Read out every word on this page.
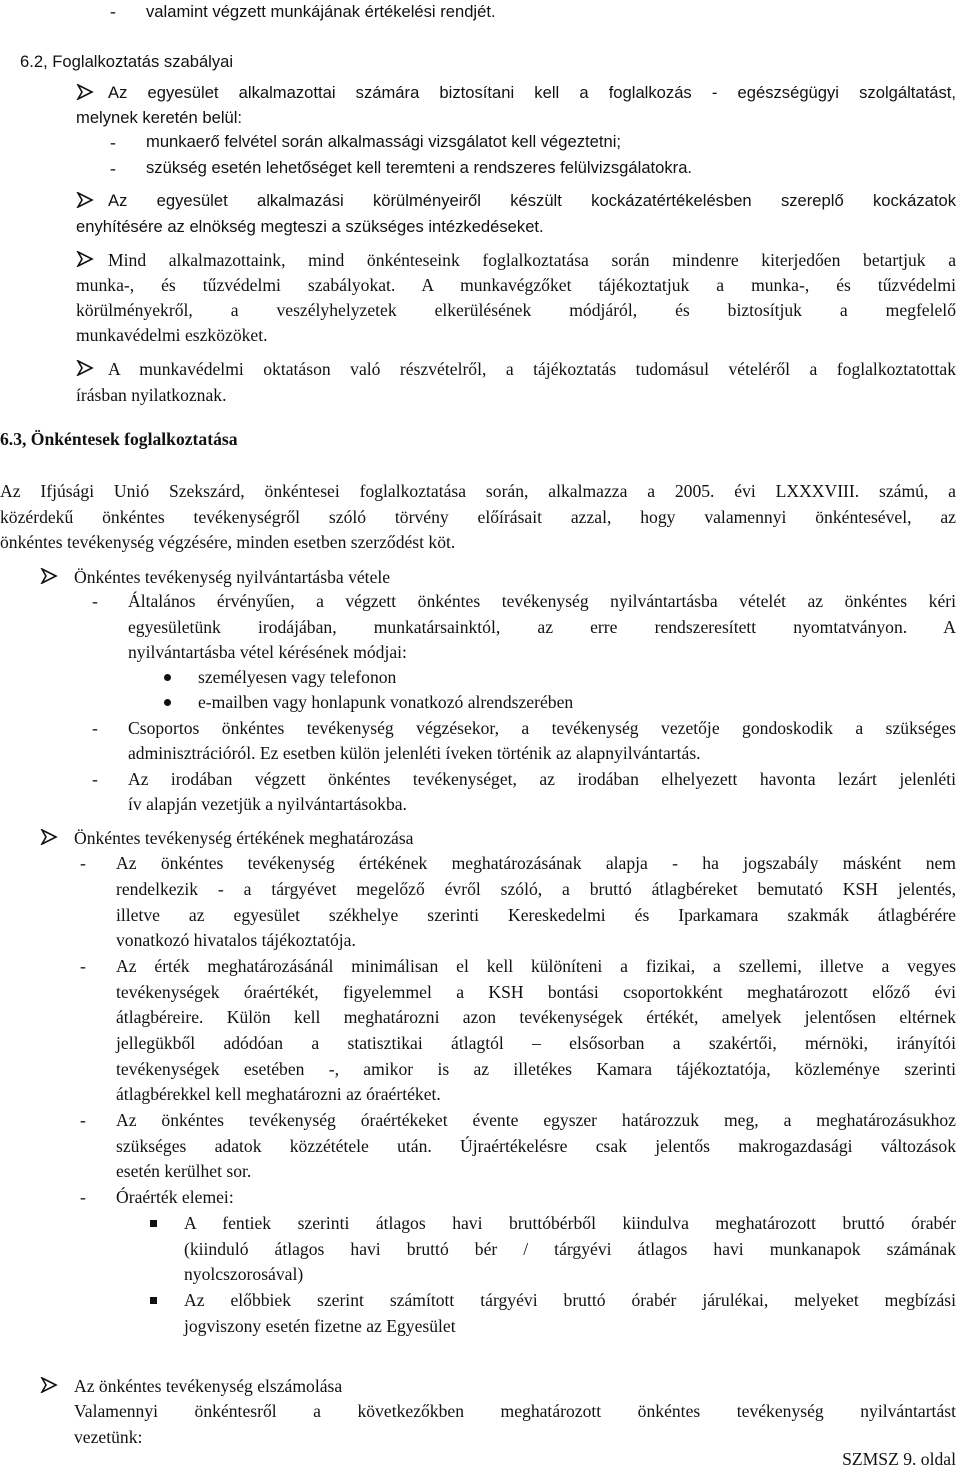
- valamint végzett munkájának értékelési rendjét.
6.2, Foglalkoztatás szabályai
Az egyesület alkalmazottai számára biztosítani kell a foglalkozás - egészségügyi szolgáltatást,
melynek keretén belül:
- munkaerő felvétel során alkalmassági vizsgálatot kell végeztetni;
- szükség esetén lehetőséget kell teremteni a rendszeres felülvizsgálatokra.
Az egyesület alkalmazási körülményeiről készült kockázatértékelésben szereplő kockázatok
enyhítésére az elnökség megteszi a szükséges intézkedéseket.
Mind alkalmazottaink, mind önkénteseink foglalkoztatása során mindenre kiterjedően betartjuk a
munka-, és tűzvédelmi szabályokat. A munkavégzőket tájékoztatjuk a munka-, és tűzvédelmi
körülményekről, a veszélyhelyzetek elkerülésének módjáról, és biztosítjuk a megfelelő
munkavédelmi eszközöket.
A munkavédelmi oktatáson való részvételről, a tájékoztatás tudomásul vételéről a foglalkoztatottak
írásban nyilatkoznak.
6.3, Önkéntesek foglalkoztatása
Az Ifjúsági Unió Szekszárd, önkéntesei foglalkoztatása során, alkalmazza a 2005. évi LXXXVIII. számú, a
közérdekű önkéntes tevékenységről szóló törvény előírásait azzal, hogy valamennyi önkéntesével, az
önkéntes tevékenység végzésére, minden esetben szerződést köt.
Önkéntes tevékenység nyilvántartásba vétele
- Általános érvényűen, a végzett önkéntes tevékenység nyilvántartásba vételét az önkéntes kéri
egyesületünk irodájában, munkatársainktól, az erre rendszeresített nyomtatványon. A
nyilvántartásba vétel kérésének módjai:
személyesen vagy telefonon
e-mailben vagy honlapunk vonatkozó alrendszerében
- Csoportos önkéntes tevékenység végzésekor, a tevékenység vezetője gondoskodik a szükséges
adminisztrációról. Ez esetben külön jelenléti íveken történik az alapnyilvántartás.
- Az irodában végzett önkéntes tevékenységet, az irodában elhelyezett havonta lezárt jelenléti
ív alapján vezetjük a nyilvántartásokba.
Önkéntes tevékenység értékének meghatározása
- Az önkéntes tevékenység értékének meghatározásának alapja - ha jogszabály másként nem
rendelkezik - a tárgyévet megelőző évről szóló, a bruttó átlagbéreket bemutató KSH jelentés,
illetve az egyesület székhelye szerinti Kereskedelmi és Iparkamara szakmák átlagbérére
vonatkozó hivatalos tájékoztatója.
- Az érték meghatározásánál minimálisan el kell különíteni a fizikai, a szellemi, illetve a vegyes
tevékenységek óraértékét, figyelemmel a KSH bontási csoportokként meghatározott előző évi
átlagbéreire. Külön kell meghatározni azon tevékenységek értékét, amelyek jelentősen eltérnek
jellegükből adódóan a statisztikai átlagtól – elsősorban a szakértői, mérnöki, irányítói
tevékenységek esetében -, amikor is az illetékes Kamara tájékoztatója, közleménye szerinti
átlagbérekkel kell meghatározni az óraértéket.
- Az önkéntes tevékenység óraértékeket évente egyszer határozzuk meg, a meghatározásukhoz
szükséges adatok közzététele után. Újraértékelésre csak jelentős makrogazdasági változások
esetén kerülhet sor.
- Óraérték elemei:
A fentiek szerinti átlagos havi bruttóbérből kiindulva meghatározott bruttó órabér
(kiinduló átlagos havi bruttó bér / tárgyévi átlagos havi munkanapok számának
nyolcszorosával)
Az előbbiek szerint számított tárgyévi bruttó órabér járulékai, melyeket megbízási
jogviszony esetén fizetne az Egyesület
Az önkéntes tevékenység elszámolása
Valamennyi önkéntesről a következőkben meghatározott önkéntes tevékenység nyilvántartást
vezetünk:
SZMSZ 9. oldal
